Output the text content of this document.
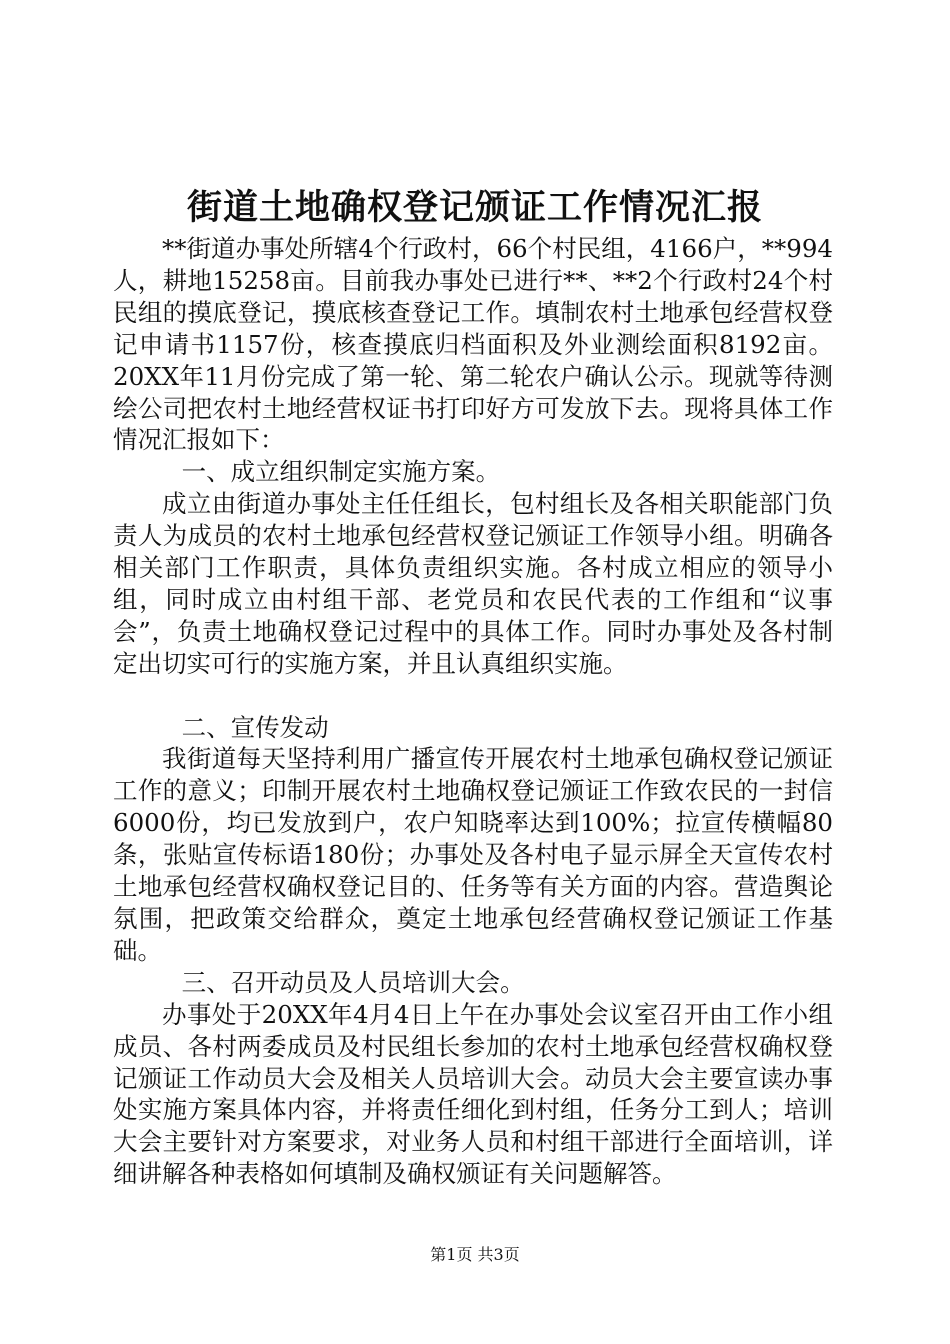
街道土地确权登记颁证工作情况汇报

**街道办事处所辖4个行政村，66个村民组，4166户，**994人，耕地15258亩。目前我办事处已进行**、**2个行政村24个村民组的摸底登记，摸底核查登记工作。填制农村土地承包经营权登记申请书1157份，核查摸底归档面积及外业测绘面积8192亩。20XX年11月份完成了第一轮、第二轮农户确认公示。现就等待测绘公司把农村土地经营权证书打印好方可发放下去。现将具体工作情况汇报如下：

一、成立组织制定实施方案。

成立由街道办事处主任任组长，包村组长及各相关职能部门负责人为成员的农村土地承包经营权登记颁证工作领导小组。明确各相关部门工作职责，具体负责组织实施。各村成立相应的领导小组，同时成立由村组干部、老党员和农民代表的工作组和“议事会”，负责土地确权登记过程中的具体工作。同时办事处及各村制定出切实可行的实施方案，并且认真组织实施。

二、宣传发动

我街道每天坚持利用广播宣传开展农村土地承包确权登记颁证工作的意义；印制开展农村土地确权登记颁证工作致农民的一封信6000份，均已发放到户，农户知晓率达到100%；拉宣传横幅80条，张贴宣传标语180份；办事处及各村电子显示屏全天宣传农村土地承包经营权确权登记目的、任务等有关方面的内容。营造舆论氛围，把政策交给群众，奠定土地承包经营确权登记颁证工作基础。

三、召开动员及人员培训大会。

办事处于20XX年4月4日上午在办事处会议室召开由工作小组成员、各村两委成员及村民组长参加的农村土地承包经营权确权登记颁证工作动员大会及相关人员培训大会。动员大会主要宣读办事处实施方案具体内容，并将责任细化到村组，任务分工到人；培训大会主要针对方案要求，对业务人员和村组干部进行全面培训，详细讲解各种表格如何填制及确权颁证有关问题解答。

第1页 共3页
